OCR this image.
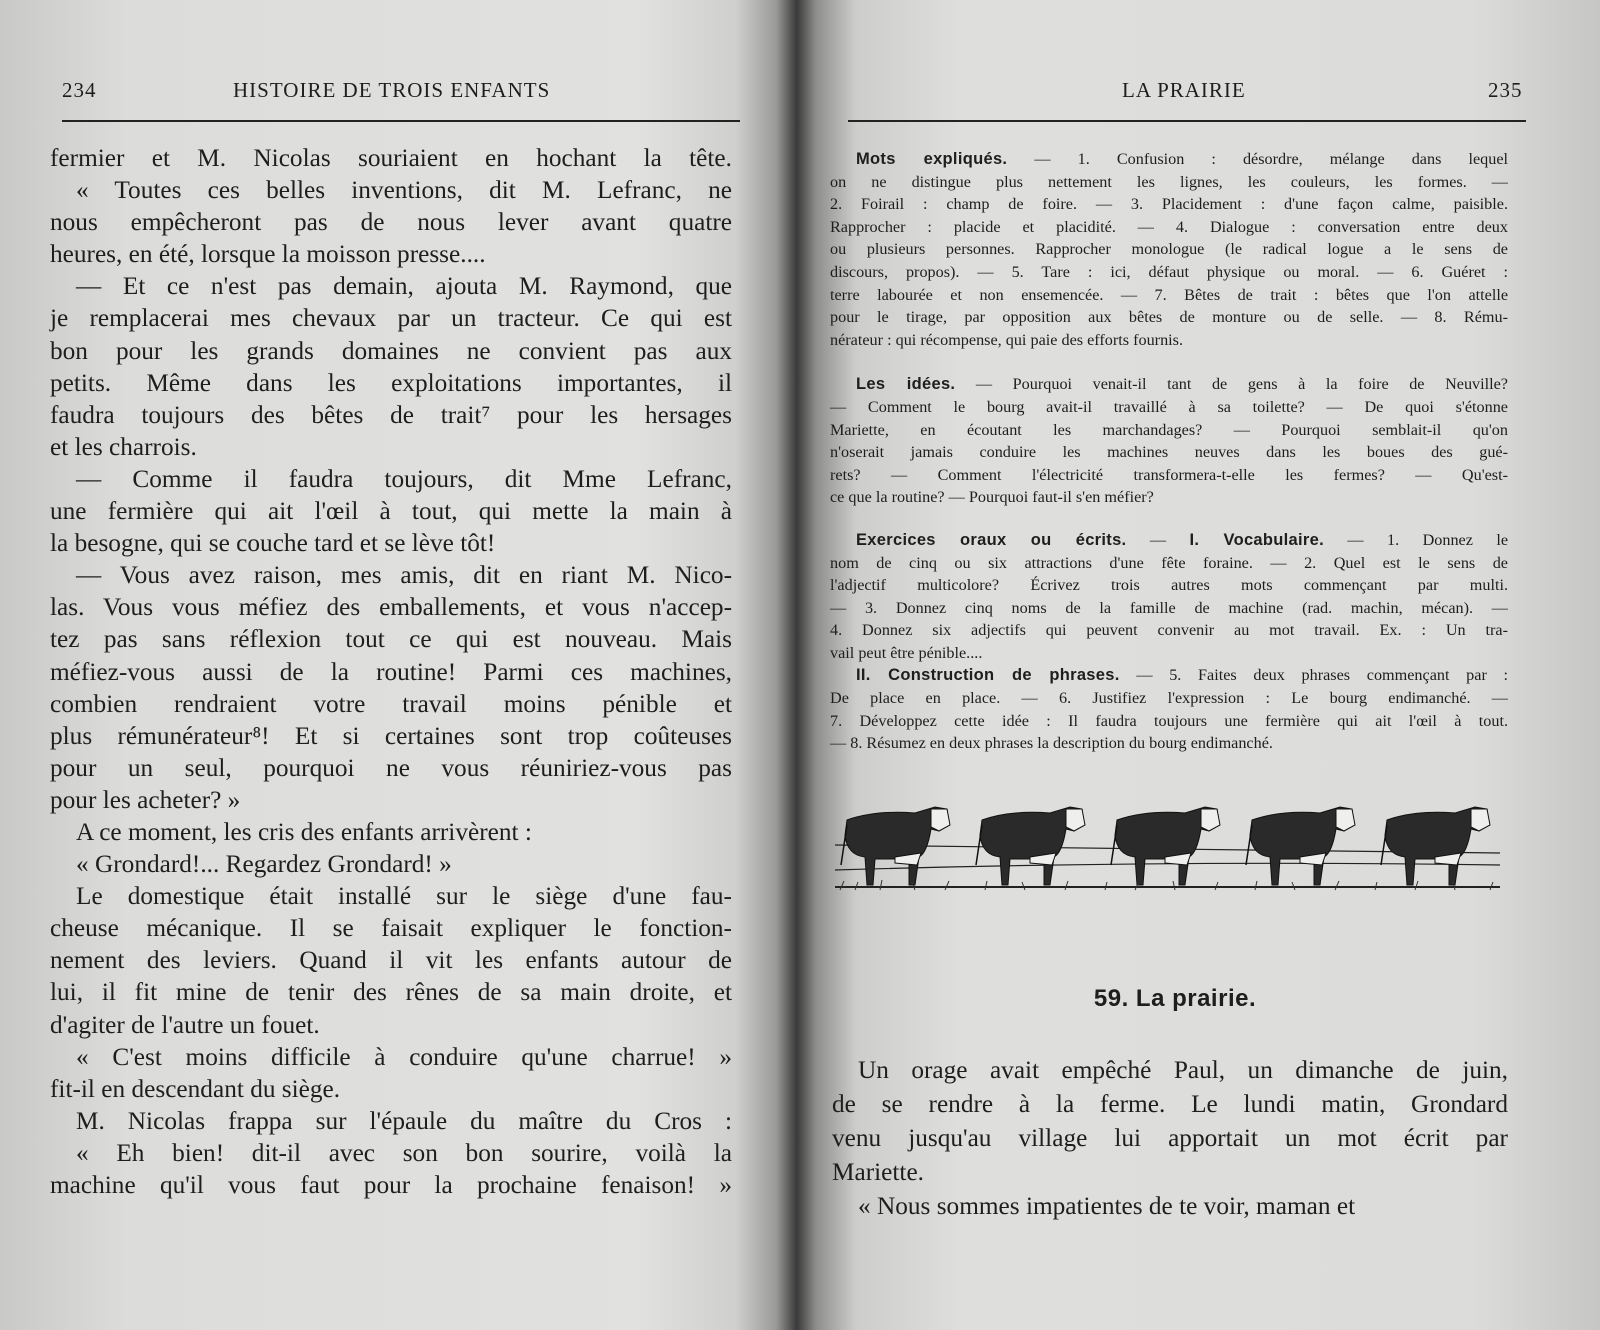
234	HISTOIRE DE TROIS ENFANTS
fermier et M. Nicolas souriaient en hochant la tête.
« Toutes ces belles inventions, dit M. Lefranc, ne
nous empêcheront pas de nous lever avant quatre
heures, en été, lorsque la moisson presse....
— Et ce n'est pas demain, ajouta M. Raymond, que
je remplacerai mes chevaux par un tracteur. Ce qui est
bon pour les grands domaines ne convient pas aux
petits. Même dans les exploitations importantes, il
faudra toujours des bêtes de trait⁷ pour les hersages
et les charrois.
— Comme il faudra toujours, dit Mme Lefranc,
une fermière qui ait l'œil à tout, qui mette la main à
la besogne, qui se couche tard et se lève tôt!
— Vous avez raison, mes amis, dit en riant M. Nico-
las. Vous vous méfiez des emballements, et vous n'accep-
tez pas sans réflexion tout ce qui est nouveau. Mais
méfiez-vous aussi de la routine! Parmi ces machines,
combien rendraient votre travail moins pénible et
plus rémunérateur⁸! Et si certaines sont trop coûteuses
pour un seul, pourquoi ne vous réuniriez-vous pas
pour les acheter? »
A ce moment, les cris des enfants arrivèrent :
« Grondard!... Regardez Grondard! »
Le domestique était installé sur le siège d'une fau-
cheuse mécanique. Il se faisait expliquer le fonction-
nement des leviers. Quand il vit les enfants autour de
lui, il fit mine de tenir des rênes de sa main droite, et
d'agiter de l'autre un fouet.
« C'est moins difficile à conduire qu'une charrue! »
fit-il en descendant du siège.
M. Nicolas frappa sur l'épaule du maître du Cros :
« Eh bien! dit-il avec son bon sourire, voilà la
machine qu'il vous faut pour la prochaine fenaison! »
LA PRAIRIE	235
Mots expliqués. — 1. Confusion : désordre, mélange dans lequel
on ne distingue plus nettement les lignes, les couleurs, les formes. —
2. Foirail : champ de foire. — 3. Placidement : d'une façon calme, paisible.
Rapprocher : placide et placidité. — 4. Dialogue : conversation entre deux
ou plusieurs personnes. Rapprocher monologue (le radical logue a le sens de
discours, propos). — 5. Tare : ici, défaut physique ou moral. — 6. Guéret :
terre labourée et non ensemencée. — 7. Bêtes de trait : bêtes que l'on attelle
pour le tirage, par opposition aux bêtes de monture ou de selle. — 8. Rému-
nérateur : qui récompense, qui paie des efforts fournis.
Les idées. — Pourquoi venait-il tant de gens à la foire de Neuville?
— Comment le bourg avait-il travaillé à sa toilette? — De quoi s'étonne
Mariette, en écoutant les marchandages? — Pourquoi semblait-il qu'on
n'oserait jamais conduire les machines neuves dans les boues des gué-
rets? — Comment l'électricité transformera-t-elle les fermes? — Qu'est-
ce que la routine? — Pourquoi faut-il s'en méfier?
Exercices oraux ou écrits. — I. Vocabulaire. — 1. Donnez le
nom de cinq ou six attractions d'une fête foraine. — 2. Quel est le sens de
l'adjectif multicolore? Écrivez trois autres mots commençant par multi.
— 3. Donnez cinq noms de la famille de machine (rad. machin, mécan). —
4. Donnez six adjectifs qui peuvent convenir au mot travail. Ex. : Un tra-
vail peut être pénible....
II. Construction de phrases. — 5. Faites deux phrases commençant par :
De place en place. — 6. Justifiez l'expression : Le bourg endimanché. —
7. Développez cette idée : Il faudra toujours une fermière qui ait l'œil à tout.
— 8. Résumez en deux phrases la description du bourg endimanché.
59. La prairie.
Un orage avait empêché Paul, un dimanche de juin,
de se rendre à la ferme. Le lundi matin, Grondard
venu jusqu'au village lui apportait un mot écrit par
Mariette.
« Nous sommes impatientes de te voir, maman et
